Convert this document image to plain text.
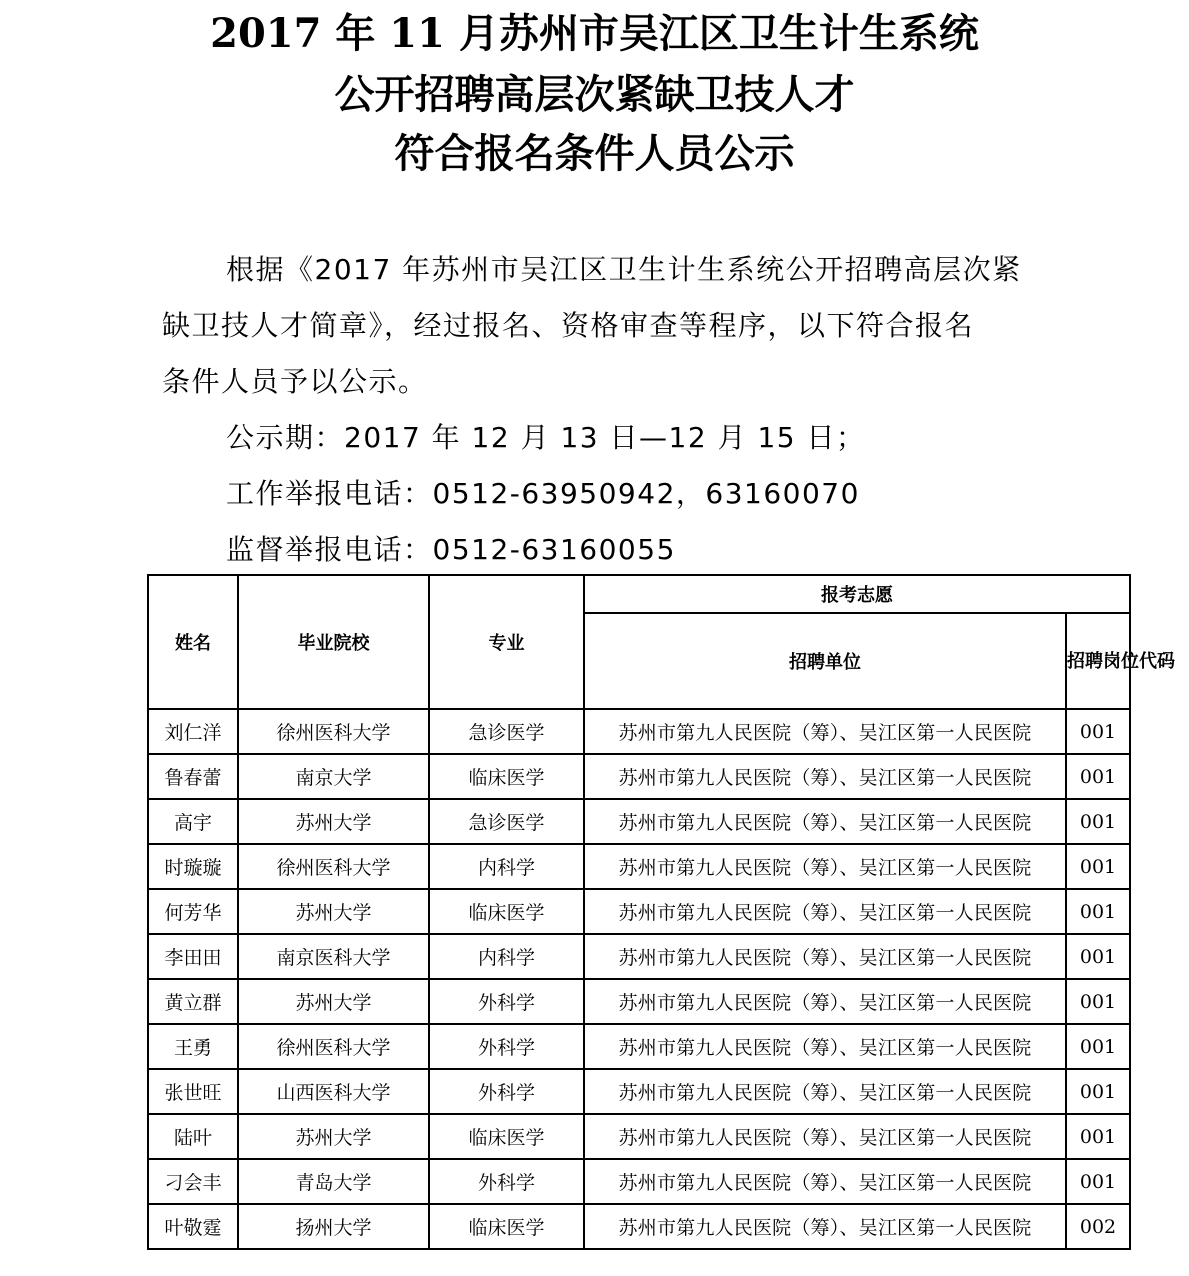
2017 年 11 月苏州市吴江区卫生计生系统
公开招聘高层次紧缺卫技人才
符合报名条件人员公示
根据《2017 年苏州市吴江区卫生计生系统公开招聘高层次紧
缺卫技人才简章》，经过报名、资格审查等程序，以下符合报名
条件人员予以公示。
公示期：2017 年 12 月 13 日—12 月 15 日；
工作举报电话：0512-63950942，63160070
监督举报电话：0512-63160055
姓名	毕业院校	专业	报考志愿	
			招聘单位	招聘岗位代码
刘仁洋	徐州医科大学	急诊医学	苏州市第九人民医院（筹）、吴江区第一人民医院	001
鲁春蕾	南京大学	临床医学	苏州市第九人民医院（筹）、吴江区第一人民医院	001
高宇	苏州大学	急诊医学	苏州市第九人民医院（筹）、吴江区第一人民医院	001
时璇璇	徐州医科大学	内科学	苏州市第九人民医院（筹）、吴江区第一人民医院	001
何芳华	苏州大学	临床医学	苏州市第九人民医院（筹）、吴江区第一人民医院	001
李田田	南京医科大学	内科学	苏州市第九人民医院（筹）、吴江区第一人民医院	001
黄立群	苏州大学	外科学	苏州市第九人民医院（筹）、吴江区第一人民医院	001
王勇	徐州医科大学	外科学	苏州市第九人民医院（筹）、吴江区第一人民医院	001
张世旺	山西医科大学	外科学	苏州市第九人民医院（筹）、吴江区第一人民医院	001
陆叶	苏州大学	临床医学	苏州市第九人民医院（筹）、吴江区第一人民医院	001
刁会丰	青岛大学	外科学	苏州市第九人民医院（筹）、吴江区第一人民医院	001
叶敬霆	扬州大学	临床医学	苏州市第九人民医院（筹）、吴江区第一人民医院	002
